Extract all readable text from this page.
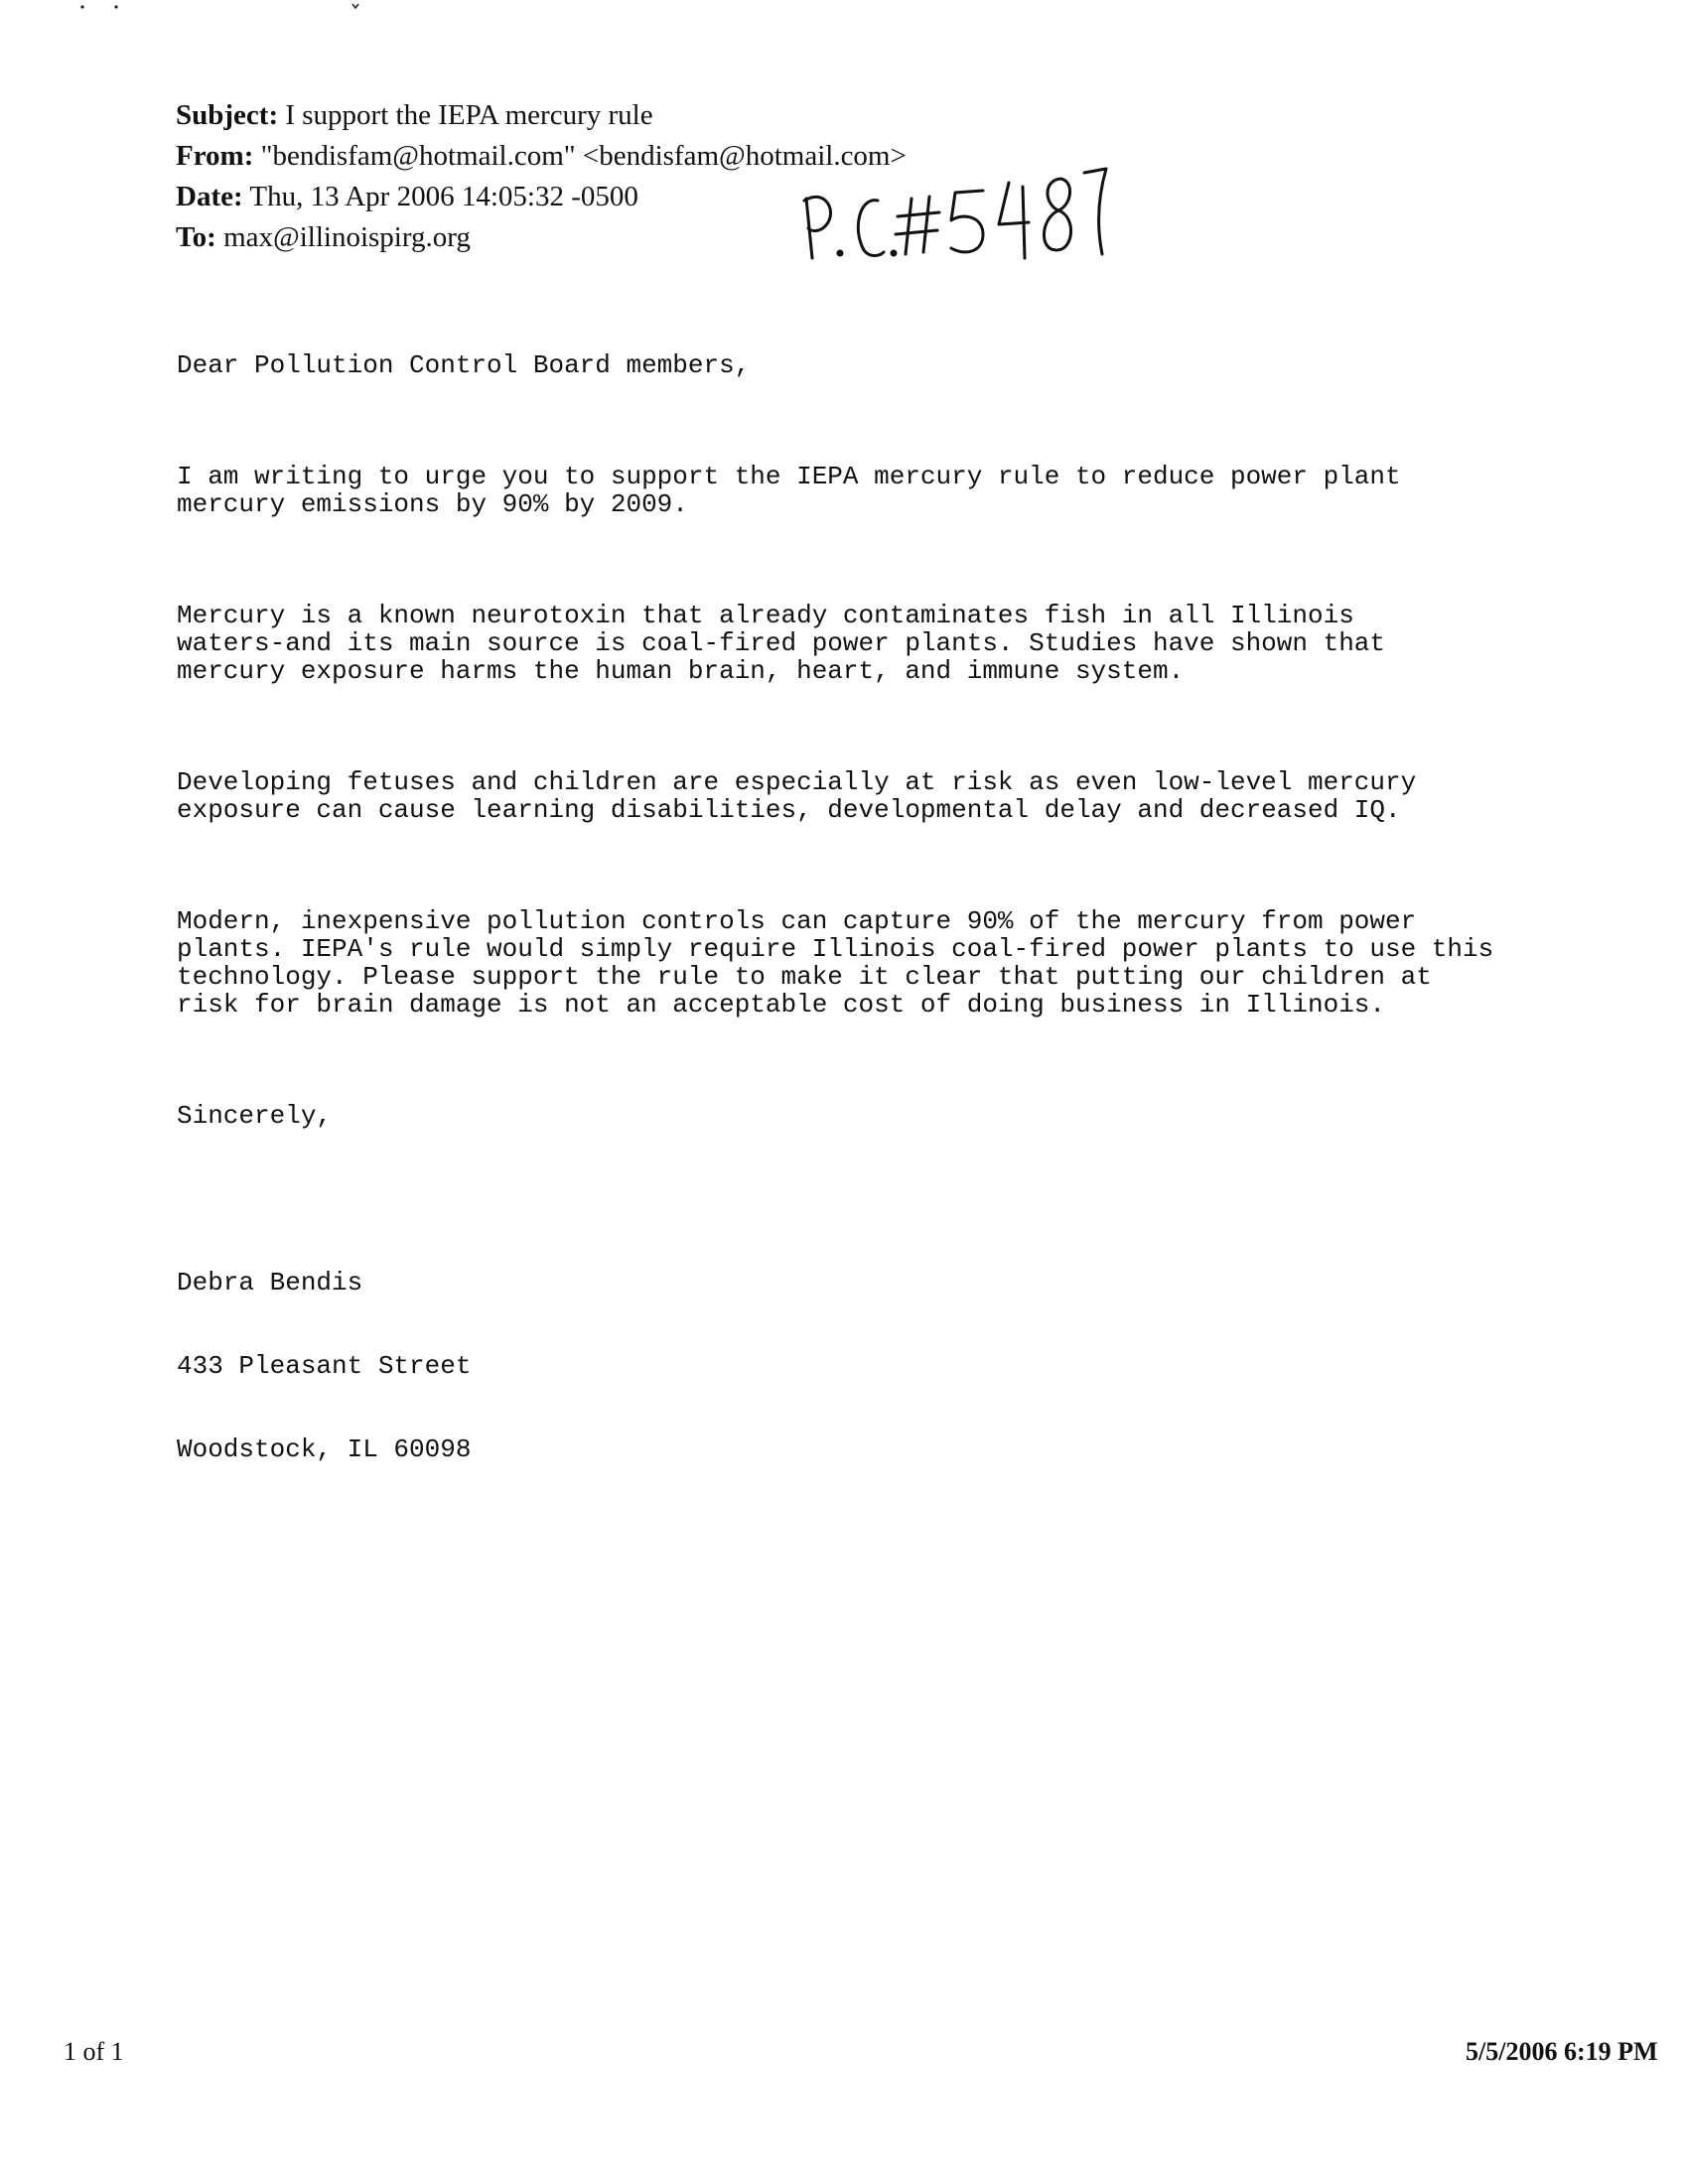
Subject: I support the IEPA mercury rule
From: "bendisfam@hotmail.com" <bendisfam@hotmail.com>
Date: Thu, 13 Apr 2006 14:05:32 -0500
To: max@illinoispirg.org

Dear Pollution Control Board members,

I am writing to urge you to support the IEPA mercury rule to reduce power plant
mercury emissions by 90% by 2009.

Mercury is a known neurotoxin that already contaminates fish in all Illinois
waters-and its main source is coal-fired power plants. Studies have shown that
mercury exposure harms the human brain, heart, and immune system.

Developing fetuses and children are especially at risk as even low-level mercury
exposure can cause learning disabilities, developmental delay and decreased IQ.

Modern, inexpensive pollution controls can capture 90% of the mercury from power
plants. IEPA's rule would simply require Illinois coal-fired power plants to use this
technology. Please support the rule to make it clear that putting our children at
risk for brain damage is not an acceptable cost of doing business in Illinois.

Sincerely,

Debra Bendis

433 Pleasant Street

Woodstock, IL 60098

1 of 1	5/5/2006 6:19 PM
